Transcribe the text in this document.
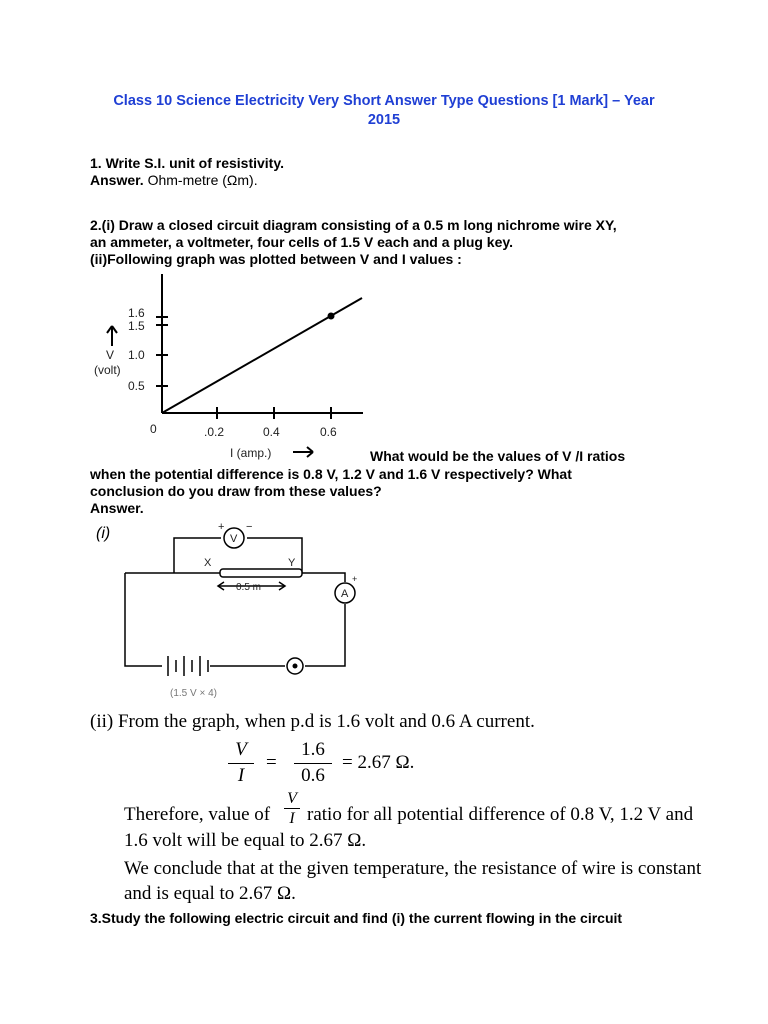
Class 10 Science Electricity Very Short Answer Type Questions [1 Mark] – Year
2015
1. Write S.I. unit of resistivity.
Answer. Ohm-metre (Ωm).
2.(i) Draw a closed circuit diagram consisting of a 0.5 m long nichrome wire XY,
an ammeter, a voltmeter, four cells of 1.5 V each and a plug key.
(ii)Following graph was plotted between V and I values :
0.5
1.0
1.5
1.6
V
(volt)
0	.0.2	0.4	0.6
I (amp.)	What would be the values of V /I ratios
when the potential difference is 0.8 V, 1.2 V and 1.6 V respectively? What
conclusion do you draw from these values?
Answer.
(i)	V
A
X	Y
0.5 m
(1.5 V × 4)
+ −
+
(ii) From the graph, when p.d is 1.6 volt and 0.6 A current.
V
I
=
1.6
0.6
= 2.67 Ω.
Therefore, value of
V
I ratio for all potential difference of 0.8 V, 1.2 V and
1.6 volt will be equal to 2.67 Ω.
We conclude that at the given temperature, the resistance of wire is constant
and is equal to 2.67 Ω.
3.Study the following electric circuit and find (i) the current flowing in the circuit
